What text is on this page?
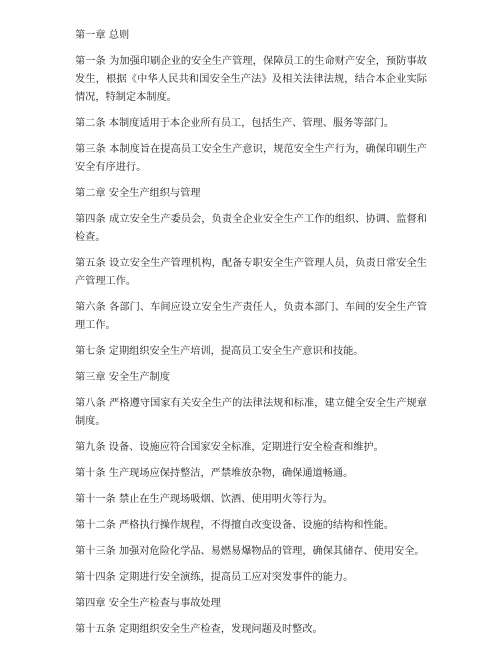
第一章 总则

第一条 为加强印刷企业的安全生产管理，保障员工的生命财产安全，预防事故发生，根据《中华人民共和国安全生产法》及相关法律法规，结合本企业实际情况，特制定本制度。

第二条 本制度适用于本企业所有员工，包括生产、管理、服务等部门。

第三条 本制度旨在提高员工安全生产意识，规范安全生产行为，确保印刷生产安全有序进行。

第二章 安全生产组织与管理

第四条 成立安全生产委员会，负责全企业安全生产工作的组织、协调、监督和检查。

第五条 设立安全生产管理机构，配备专职安全生产管理人员，负责日常安全生产管理工作。

第六条 各部门、车间应设立安全生产责任人，负责本部门、车间的安全生产管理工作。

第七条 定期组织安全生产培训，提高员工安全生产意识和技能。

第三章 安全生产制度

第八条 严格遵守国家有关安全生产的法律法规和标准，建立健全安全生产规章制度。

第九条 设备、设施应符合国家安全标准，定期进行安全检查和维护。

第十条 生产现场应保持整洁，严禁堆放杂物，确保通道畅通。

第十一条 禁止在生产现场吸烟、饮酒、使用明火等行为。

第十二条 严格执行操作规程，不得擅自改变设备、设施的结构和性能。

第十三条 加强对危险化学品、易燃易爆物品的管理，确保其储存、使用安全。

第十四条 定期进行安全演练，提高员工应对突发事件的能力。

第四章 安全生产检查与事故处理

第十五条 定期组织安全生产检查，发现问题及时整改。
